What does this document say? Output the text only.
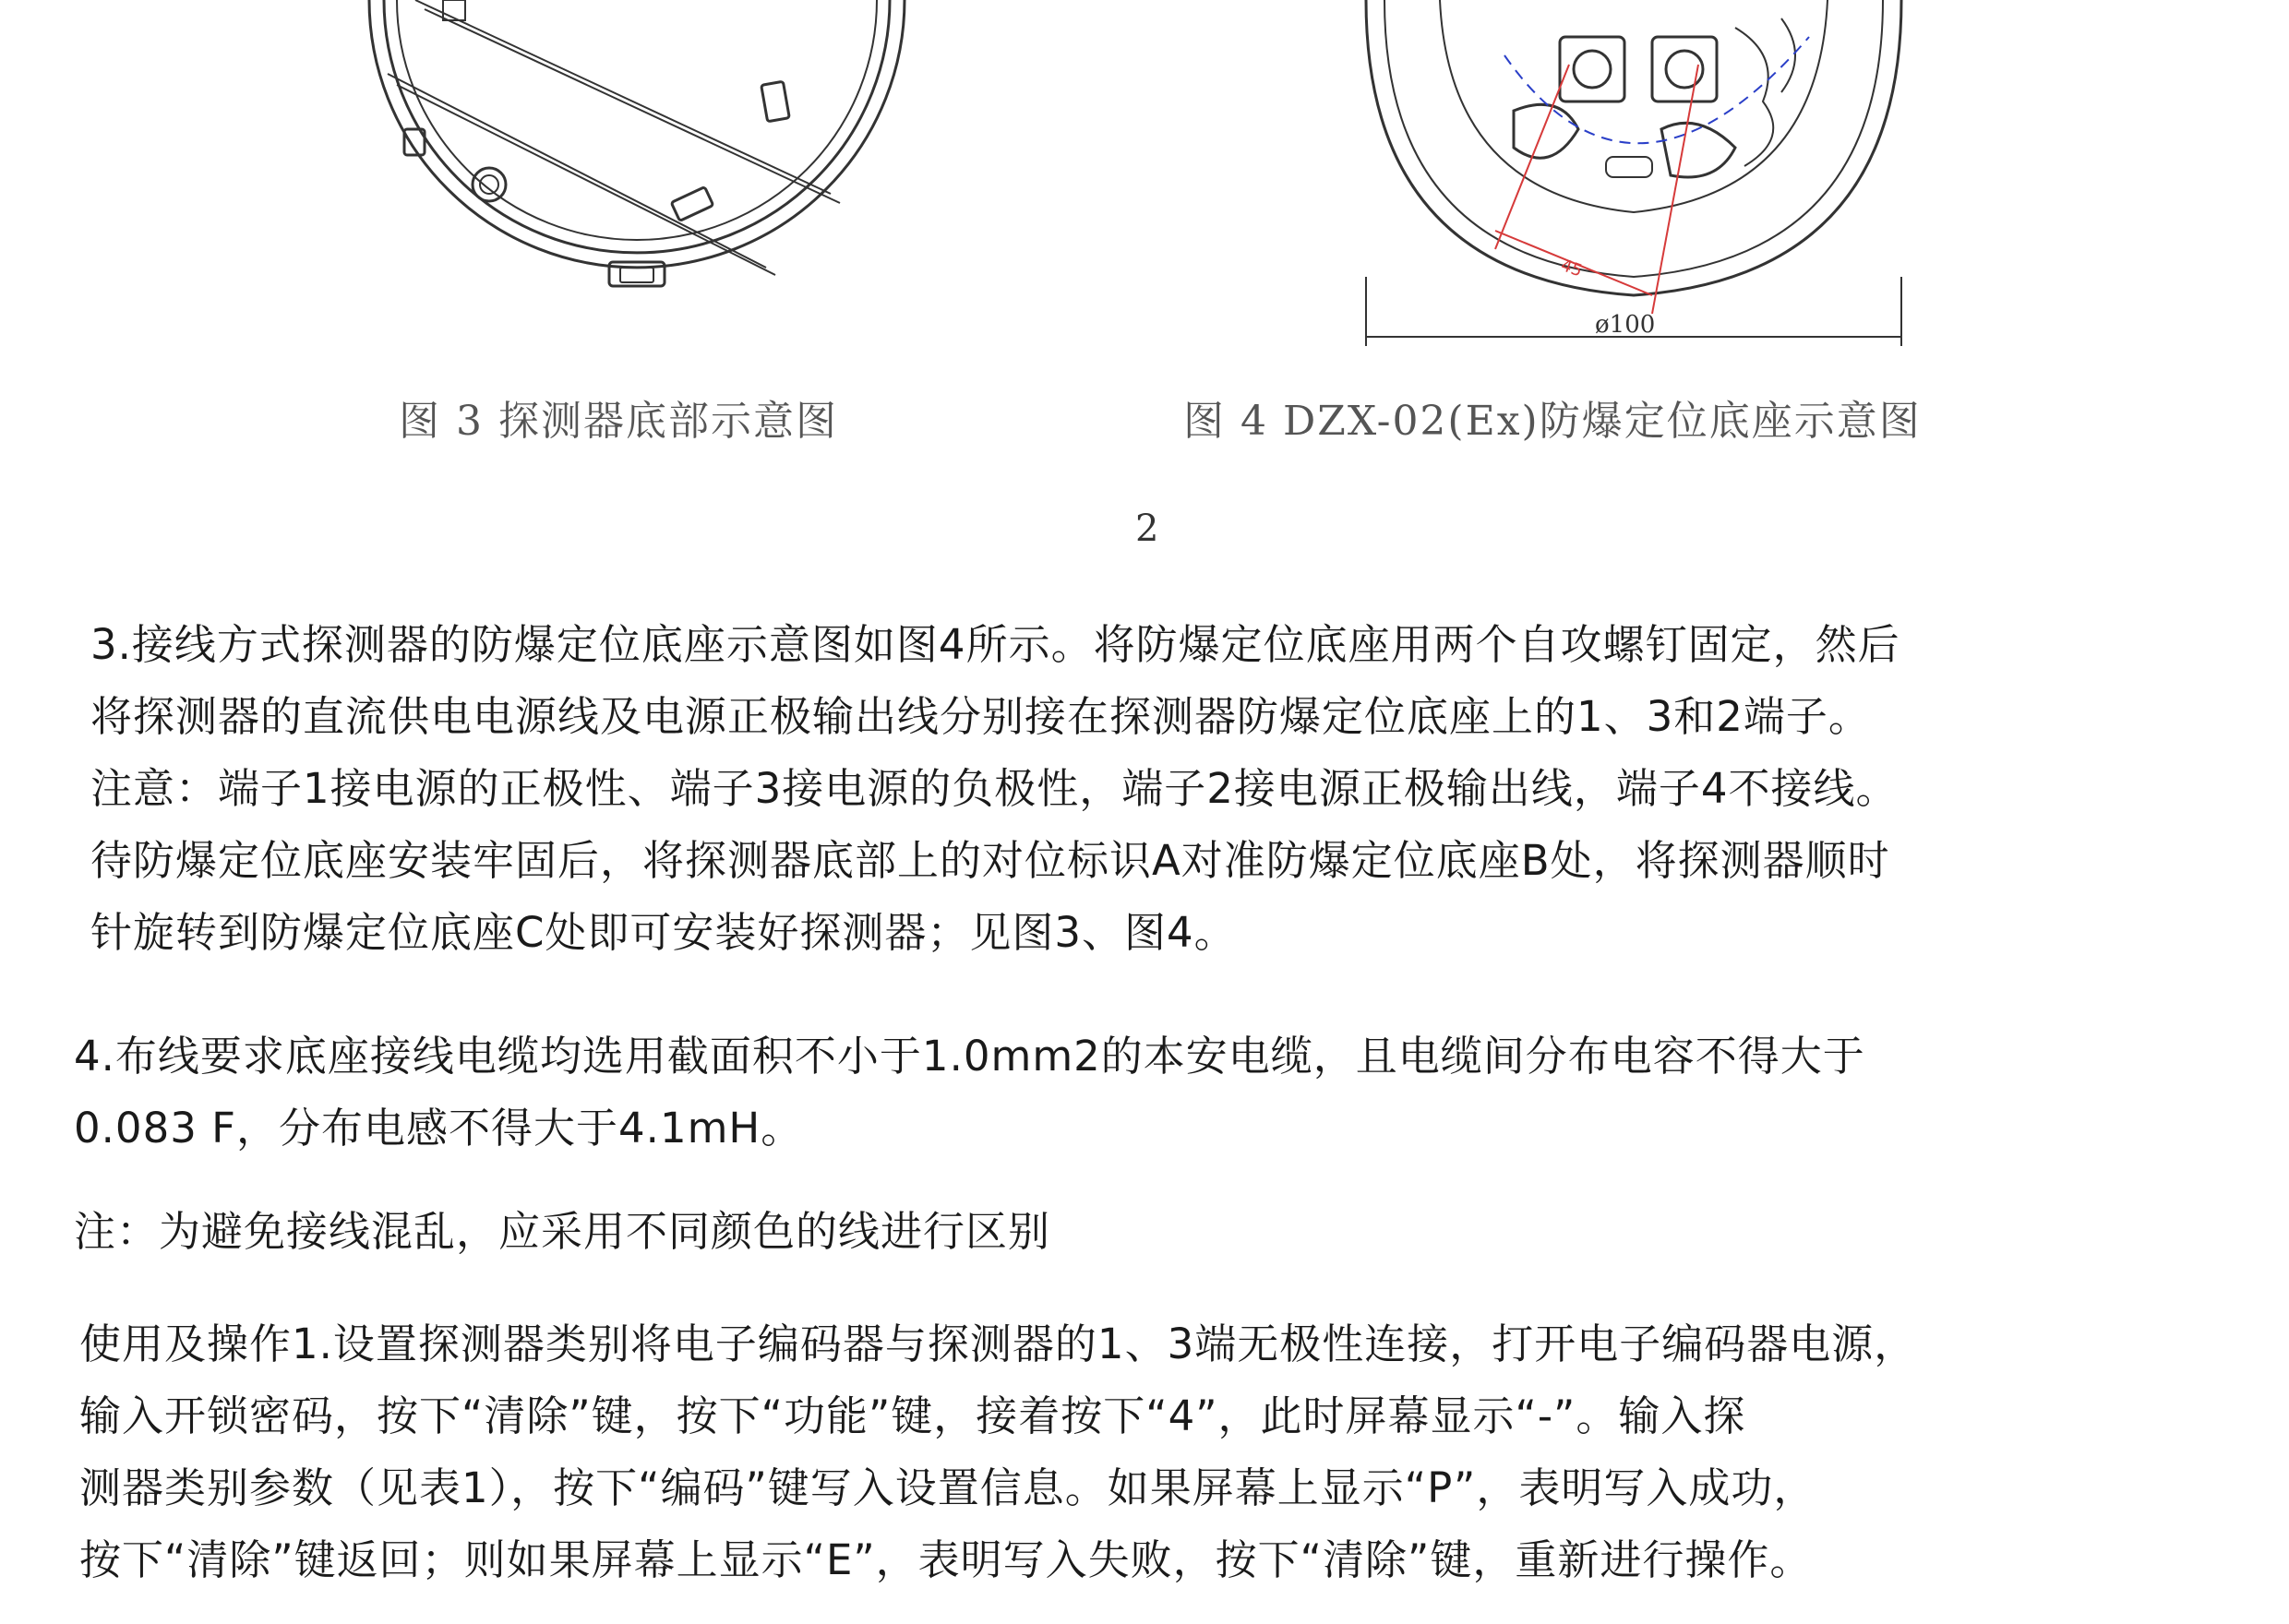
45
ø100
图 3 探测器底部示意图	图 4 DZX-02(Ex)防爆定位底座示意图
2
3.接线方式探测器的防爆定位底座示意图如图4所示。将防爆定位底座用两个自攻螺钉固定，然后
将探测器的直流供电电源线及电源正极输出线分别接在探测器防爆定位底座上的1、3和2端子。
注意：端子1接电源的正极性、端子3接电源的负极性，端子2接电源正极输出线，端子4不接线。
待防爆定位底座安装牢固后，将探测器底部上的对位标识A对准防爆定位底座B处，将探测器顺时
针旋转到防爆定位底座C处即可安装好探测器；见图3、图4。
4.布线要求底座接线电缆均选用截面积不小于1.0mm2的本安电缆，且电缆间分布电容不得大于
0.083 F，分布电感不得大于4.1mH。
注：为避免接线混乱，应采用不同颜色的线进行区别
使用及操作1.设置探测器类别将电子编码器与探测器的1、3端无极性连接，打开电子编码器电源，
输入开锁密码，按下“清除”键，按下“功能”键，接着按下“4”，此时屏幕显示“-”。输入探
测器类别参数（见表1），按下“编码”键写入设置信息。如果屏幕上显示“P”，表明写入成功，
按下“清除”键返回；则如果屏幕上显示“E”，表明写入失败，按下“清除”键，重新进行操作。
